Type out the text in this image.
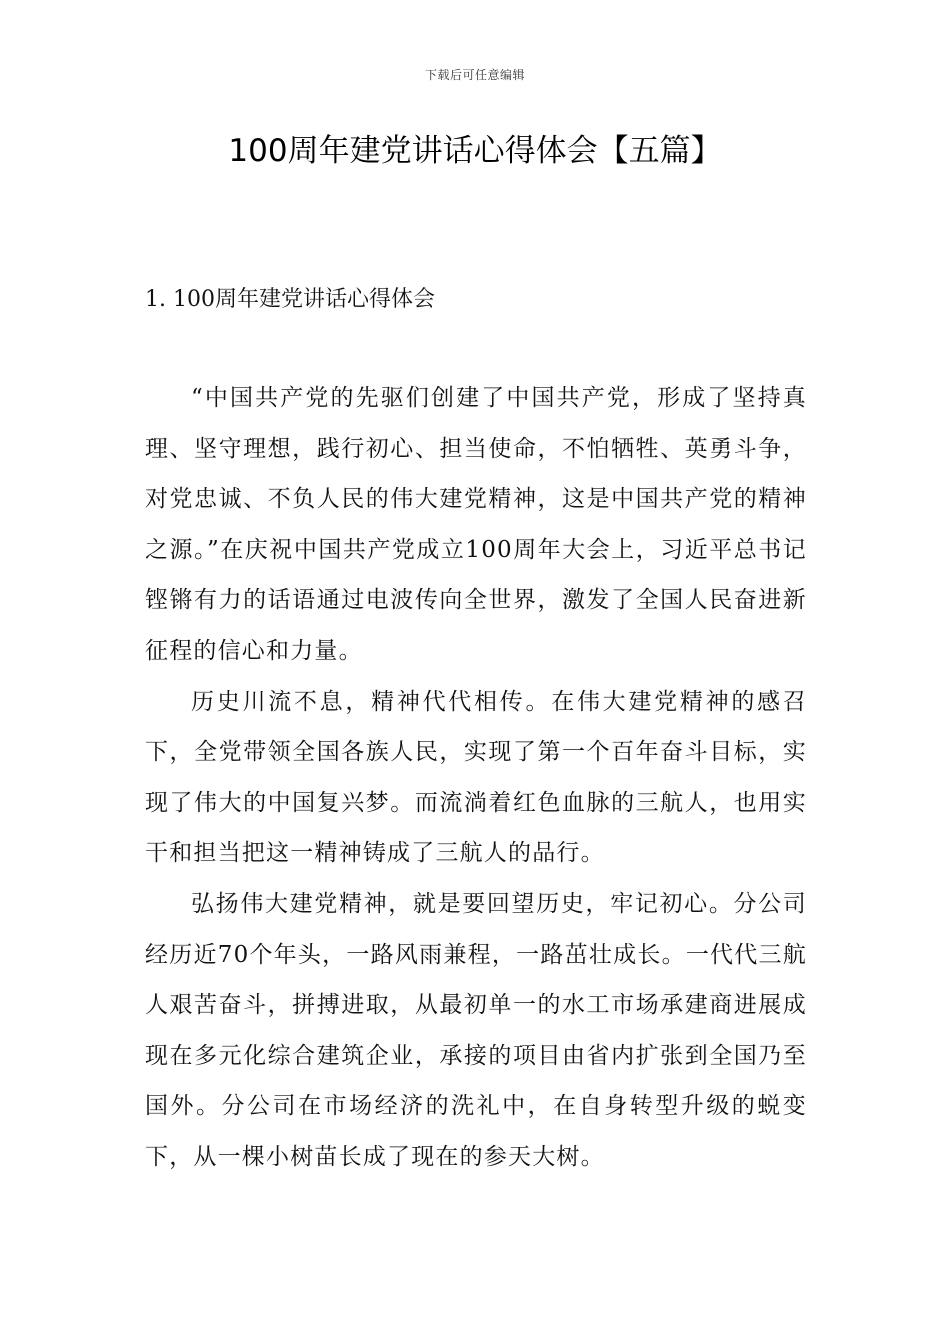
下载后可任意编辑
100周年建党讲话心得体会【五篇】

1. 100周年建党讲话心得体会

“中国共产党的先驱们创建了中国共产党，形成了坚持真理、坚守理想，践行初心、担当使命，不怕牺牲、英勇斗争，对党忠诚、不负人民的伟大建党精神，这是中国共产党的精神之源。”在庆祝中国共产党成立100周年大会上，习近平总书记铿锵有力的话语通过电波传向全世界，激发了全国人民奋进新征程的信心和力量。

历史川流不息，精神代代相传。在伟大建党精神的感召下，全党带领全国各族人民，实现了第一个百年奋斗目标，实现了伟大的中国复兴梦。而流淌着红色血脉的三航人，也用实干和担当把这一精神铸成了三航人的品行。

弘扬伟大建党精神，就是要回望历史，牢记初心。分公司经历近70个年头，一路风雨兼程，一路茁壮成长。一代代三航人艰苦奋斗，拼搏进取，从最初单一的水工市场承建商进展成现在多元化综合建筑企业，承接的项目由省内扩张到全国乃至国外。分公司在市场经济的洗礼中，在自身转型升级的蜕变下，从一棵小树苗长成了现在的参天大树。
